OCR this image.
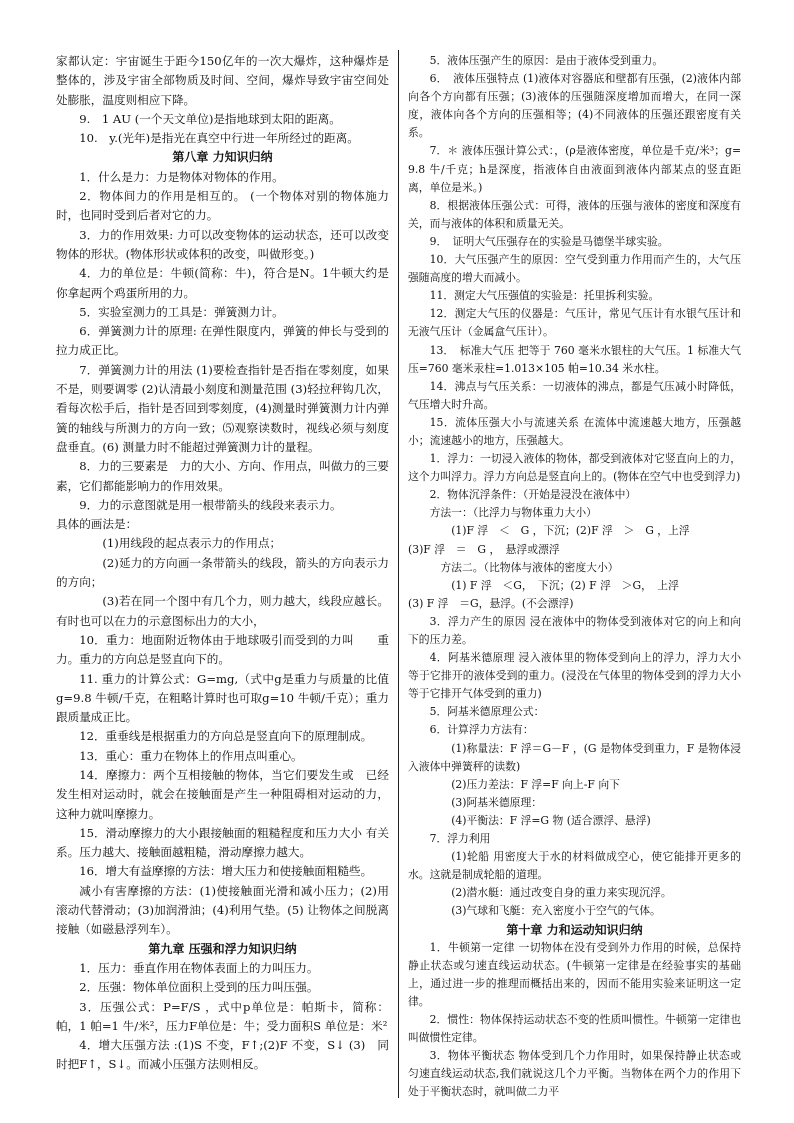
家都认定：宇宙诞生于距今150亿年的一次大爆炸，这种爆炸是整体的，涉及宇宙全部物质及时间、空间，爆炸导致宇宙空间处处膨胀，温度则相应下降。

9.　1 AU (一个天文单位)是指地球到太阳的距离。

10.　y.(光年)是指光在真空中行进一年所经过的距离。

第八章 力知识归纳

1．什么是力：力是物体对物体的作用。

2．物体间力的作用是相互的。 (一个物体对别的物体施力时，也同时受到后者对它的力。

3．力的作用效果: 力可以改变物体的运动状态，还可以改变物体的形状。(物体形状或体积的改变，叫做形变。)

4．力的单位是：牛顿(简称：牛)，符合是N。1牛顿大约是你拿起两个鸡蛋所用的力。

5．实验室测力的工具是：弹簧测力计。

6．弹簧测力计的原理: 在弹性限度内，弹簧的伸长与受到的拉力成正比。

7．弹簧测力计的用法 (1)要检查指针是否指在零刻度，如果不是，则要调零 (2)认清最小刻度和测量范围 (3)轻拉秤钩几次，看每次松手后，指针是否回到零刻度，(4)测量时弹簧测力计内弹簧的轴线与所测力的方向一致；⑸观察读数时，视线必须与刻度盘垂直。(6) 测量力时不能超过弹簧测力计的量程。

8．力的三要素是　力的大小、方向、作用点，叫做力的三要素，它们都能影响力的作用效果。

9．力的示意图就是用一根带箭头的线段来表示力。

具体的画法是：

(1)用线段的起点表示力的作用点；

(2)延力的方向画一条带箭头的线段，箭头的方向表示力的方向；

(3)若在同一个图中有几个力，则力越大，线段应越长。有时也可以在力的示意图标出力的大小，

10．重力：地面附近物体由于地球吸引而受到的力叫　　重力。重力的方向总是竖直向下的。

11. 重力的计算公式：G=mg,（式中g是重力与质量的比值 g=9.8 牛顿/千克，在粗略计算时也可取g=10 牛顿/千克）；重力跟质量成正比。

12．重垂线是根据重力的方向总是竖直向下的原理制成。

13．重心：重力在物体上的作用点叫重心。

14．摩擦力：两个互相接触的物体，当它们要发生或　已经发生相对运动时，就会在接触面是产生一种阻碍相对运动的力，这种力就叫摩擦力。

15．滑动摩擦力的大小跟接触面的粗糙程度和压力大小 有关系。压力越大、接触面越粗糙，滑动摩擦力越大。

16．增大有益摩擦的方法：增大压力和使接触面粗糙些。

减小有害摩擦的方法：(1)使接触面光滑和减小压力；(2)用滚动代替滑动；(3)加润滑油；(4)利用气垫。(5) 让物体之间脱离接触（如磁悬浮列车）。

第九章 压强和浮力知识归纳

1．压力：垂直作用在物体表面上的力叫压力。

2．压强：物体单位面积上受到的压力叫压强。

3．压强公式：P=F/S ，式中p单位是：帕斯卡，简称：帕，1 帕=1 牛/米²，压力F单位是：牛；受力面积S 单位是：米²

4．增大压强方法 :(1)S 不变，F↑;(2)F 不变，S↓ (3)　同时把F↑，S↓。而减小压强方法则相反。

5．液体压强产生的原因：是由于液体受到重力。

6．　液体压强特点 (1)液体对容器底和壁都有压强，(2)液体内部向各个方向都有压强；(3)液体的压强随深度增加而增大，在同一深度，液体向各个方向的压强相等；(4)不同液体的压强还跟密度有关系。

7．＊ 液体压强计算公式：，(ρ是液体密度，单位是千克/米³；g=9.8 牛/千克；h是深度，指液体自由液面到液体内部某点的竖直距离，单位是米。)

8．根据液体压强公式：可得，液体的压强与液体的密度和深度有关，而与液体的体积和质量无关。

9．　证明大气压强存在的实验是马德堡半球实验。

10．大气压强产生的原因：空气受到重力作用而产生的，大气压强随高度的增大而减小。

11．测定大气压强值的实验是：托里拆利实验。

12．测定大气压的仪器是：气压计，常见气压计有水银气压计和无液气压计（金属盒气压计）。

13．　标准大气压 把等于 760 毫米水银柱的大气压。1 标准大气压=760 毫米汞柱=1.013×105 帕=10.34 米水柱。

14．沸点与气压关系：一切液体的沸点，都是气压减小时降低，气压增大时升高。

15．流体压强大小与流速关系 在流体中流速越大地方，压强越小；流速越小的地方，压强越大。

1．浮力：一切浸入液体的物体，都受到液体对它竖直向上的力，这个力叫浮力。浮力方向总是竖直向上的。(物体在空气中也受到浮力)

2．物体沉浮条件：（开始是浸没在液体中）

方法一：（比浮力与物体重力大小）

(1)F 浮　＜　G ，下沉；(2)F 浮　＞　G ，上浮

(3)F 浮　＝　G ，　悬浮或漂浮

方法二。（比物体与液体的密度大小）

(1) F 浮　＜G，　下沉；(2) F 浮　＞G，　上浮

(3) F 浮　＝G，悬浮。(不会漂浮)

3．浮力产生的原因 浸在液体中的物体受到液体对它的向上和向下的压力差。

4．阿基米德原理 浸入液体里的物体受到向上的浮力，浮力大小等于它排开的液体受到的重力。(浸没在气体里的物体受到的浮力大小等于它排开气体受到的重力)

5．阿基米德原理公式：

6．计算浮力方法有：

(1)称量法：F 浮＝G－F ，(G 是物体受到重力，F 是物体浸入液体中弹簧秤的读数)

(2)压力差法：F 浮=F 向上-F 向下

(3)阿基米德原理：

(4)平衡法：F 浮=G 物 (适合漂浮、悬浮)

7．浮力利用

(1)轮船 用密度大于水的材料做成空心，使它能排开更多的水。这就是制成轮船的道理。

(2)潜水艇：通过改变自身的重力来实现沉浮。

(3)气球和飞艇：充入密度小于空气的气体。

第十章 力和运动知识归纳

1．牛顿第一定律 一切物体在没有受到外力作用的时候，总保持静止状态或匀速直线运动状态。(牛顿第一定律是在经验事实的基础上，通过进一步的推理而概括出来的，因而不能用实验来证明这一定律。

2．惯性：物体保持运动状态不变的性质叫惯性。牛顿第一定律也叫做惯性定律。

3．物体平衡状态 物体受到几个力作用时，如果保持静止状态或匀速直线运动状态,我们就说这几个力平衡。当物体在两个力的作用下处于平衡状态时，就叫做二力平
